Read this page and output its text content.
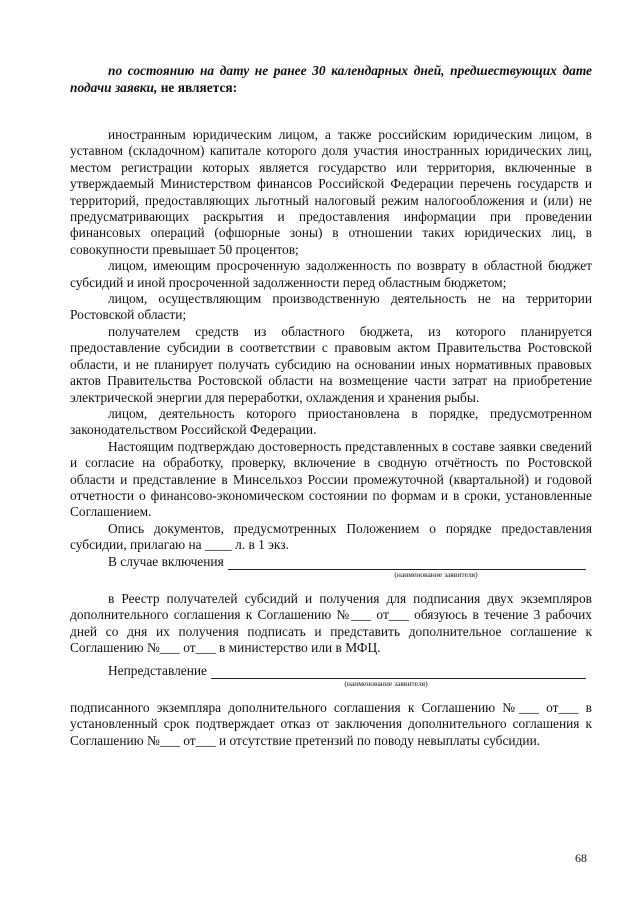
по состоянию на дату не ранее 30 календарных дней, предшествующих дате подачи заявки, не является:

иностранным юридическим лицом, а также российским юридическим лицом, в уставном (складочном) капитале которого доля участия иностранных юридических лиц, местом регистрации которых является государство или территория, включенные в утверждаемый Министерством финансов Российской Федерации перечень государств и территорий, предоставляющих льготный налоговый режим налогообложения и (или) не предусматривающих раскрытия и предоставления информации при проведении финансовых операций (офшорные зоны) в отношении таких юридических лиц, в совокупности превышает 50 процентов;

лицом, имеющим просроченную задолженность по возврату в областной бюджет субсидий и иной просроченной задолженности перед областным бюджетом;

лицом, осуществляющим производственную деятельность не на территории Ростовской области;

получателем средств из областного бюджета, из которого планируется предоставление субсидии в соответствии с правовым актом Правительства Ростовской области, и не планирует получать субсидию на основании иных нормативных правовых актов Правительства Ростовской области на возмещение части затрат на приобретение электрической энергии для переработки, охлаждения и хранения рыбы.

лицом, деятельность которого приостановлена в порядке, предусмотренном законодательством Российской Федерации.

Настоящим подтверждаю достоверность представленных в составе заявки сведений и согласие на обработку, проверку, включение в сводную отчётность по Ростовской области и представление в Минсельхоз России промежуточной (квартальной) и годовой отчетности о финансово-экономическом состоянии по формам и в сроки, установленные Соглашением.

Опись документов, предусмотренных Положением о порядке предоставления субсидии, прилагаю на ____ л. в 1 экз.

В случае включения
(наименование заявителя)

в Реестр получателей субсидий и получения для подписания двух экземпляров дополнительного соглашения к Соглашению №___ от___ обязуюсь в течение 3 рабочих дней со дня их получения подписать и представить дополнительное соглашение к Соглашению №___ от___ в министерство или в МФЦ.

Непредставление
(наименование заявителя)

подписанного экземпляра дополнительного соглашения к Соглашению №___ от___ в установленный срок подтверждает отказ от заключения дополнительного соглашения к Соглашению №___ от___ и отсутствие претензий по поводу невыплаты субсидии.

68
